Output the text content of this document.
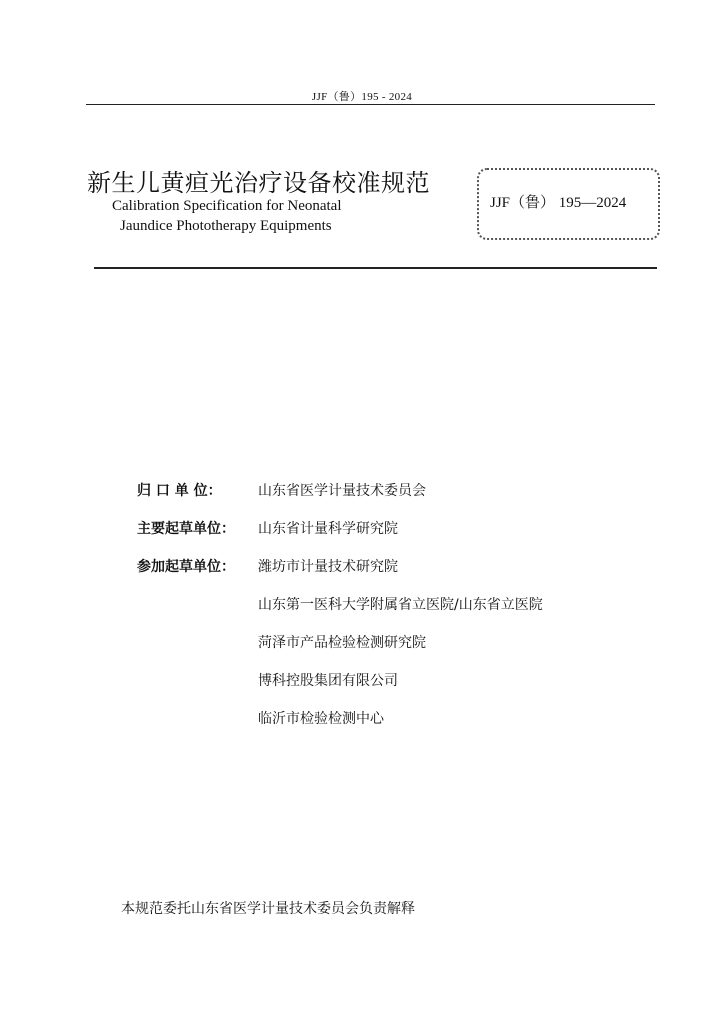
JJF（鲁）195 - 2024
新生儿黄疸光治疗设备校准规范
Calibration Specification for Neonatal
Jaundice Phototherapy Equipments
JJF（鲁） 195—2024
归 口 单 位：	山东省医学计量技术委员会
主要起草单位：	山东省计量科学研究院
参加起草单位：	潍坊市计量技术研究院
山东第一医科大学附属省立医院/山东省立医院
菏泽市产品检验检测研究院
博科控股集团有限公司
临沂市检验检测中心
本规范委托山东省医学计量技术委员会负责解释
